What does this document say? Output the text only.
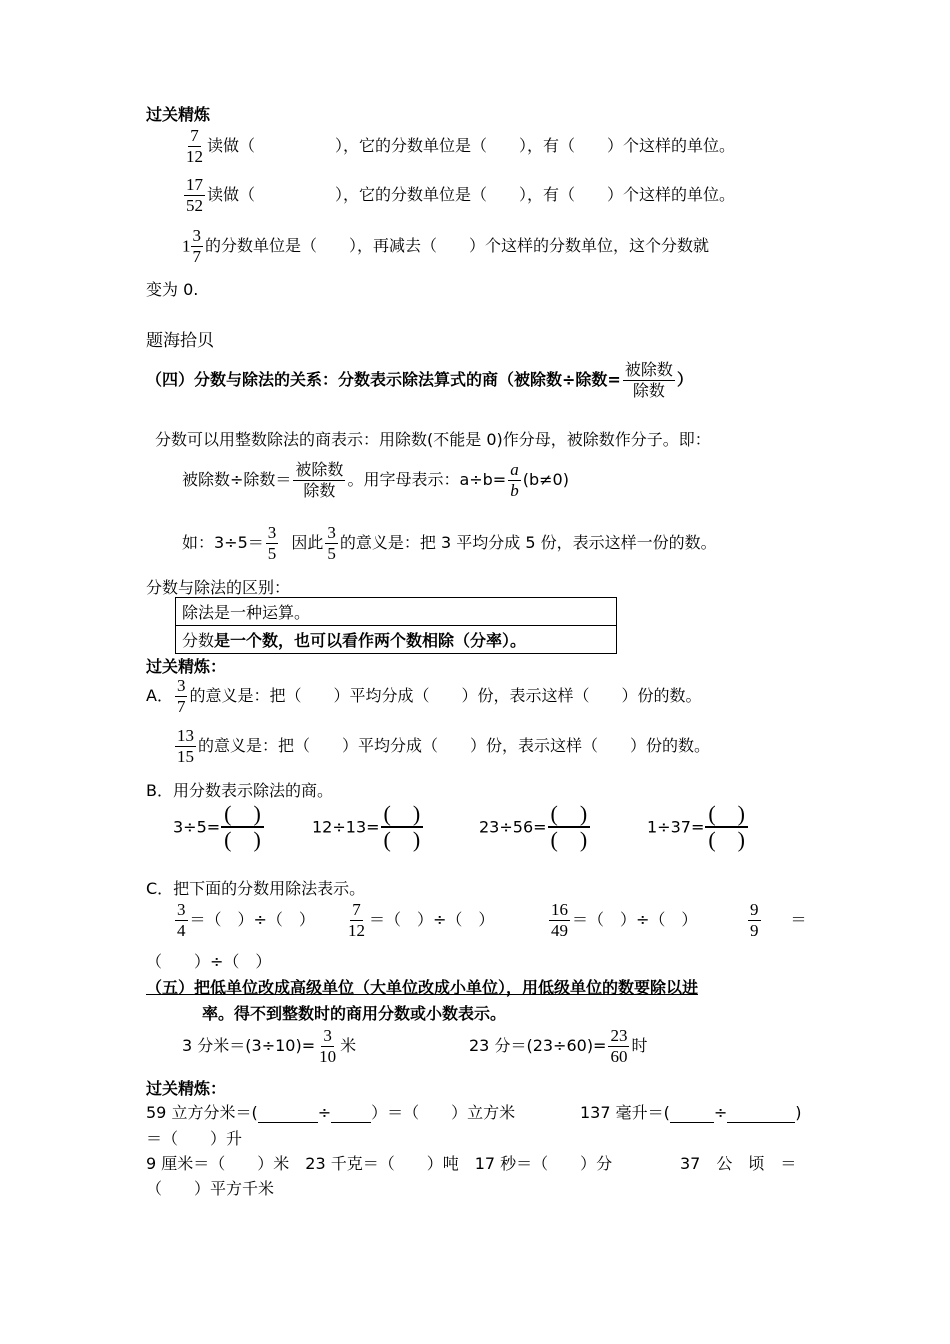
过关精炼
$\frac{7}{12}$ 读做（　　　　　），它的分数单位是（　　），有（　　）个这样的单位。
$\frac{17}{52}$ 读做（　　　　　），它的分数单位是（　　），有（　　）个这样的单位。
$1 \frac{3}{7}$ 的分数单位是（　　），再减去（　　）个这样的分数单位，这个分数就
变为 0.
题海拾贝
（四）分数与除法的关系：分数表示除法算式的商（被除数÷除数= $\frac{\text{被除数}}{\text{除数}}$ ）
分数可以用整数除法的商表示：用除数(不能是 0)作分母，被除数作分子。即：
被除数÷除数＝ $\frac{\text{被除数}}{\text{除数}}$ 。用字母表示：$a\div b= \frac{a}{b} (b\ne 0)$
如：$3\div 5= \frac{3}{5}$ 因此 $\frac{3}{5}$ 的意义是：把 3 平均分成 5 份，表示这样一份的数。
分数与除法的区别：
除法是一种运算。
分数是一个数，也可以看作两个数相除（分率）。
过关精炼：
A． $\frac{3}{7}$ 的意义是：把（　　）平均分成（　　）份，表示这样（　　）份的数。
$\frac{13}{15}$ 的意义是：把（　　）平均分成（　　）份，表示这样（　　）份的数。
B．用分数表示除法的商。
3÷5=
(　)
(　)	12÷13=
(　)
(　)	23÷56=
(　)
(　)	1÷37=
(　)
(　)
C．把下面的分数用除法表示。
$\frac{3}{4}$ ＝（　）÷（　） $\frac{7}{12}$ ＝（　）÷（　）	$\frac{16}{49}$ ＝（　）÷（　）	$\frac{9}{9}$ ＝
（　　）÷（　）
（五）把低单位改成高级单位（大单位改成小单位），用低级单位的数要除以进
率。得不到整数时的商用分数或小数表示。
3 分米$=(3\div 10)= \frac{3}{10}$ 米	23 分$=(23\div 60)= \frac{23}{60}$ 时
过关精炼：
59 立方分米＝(	÷	）＝（　　）立方米	137 毫升＝(	÷	)
＝（　　）升
9 厘米＝（　　）米　23 千克＝（　　）吨　17 秒＝（　　）分	37　公　顷　＝
（　　）平方千米
